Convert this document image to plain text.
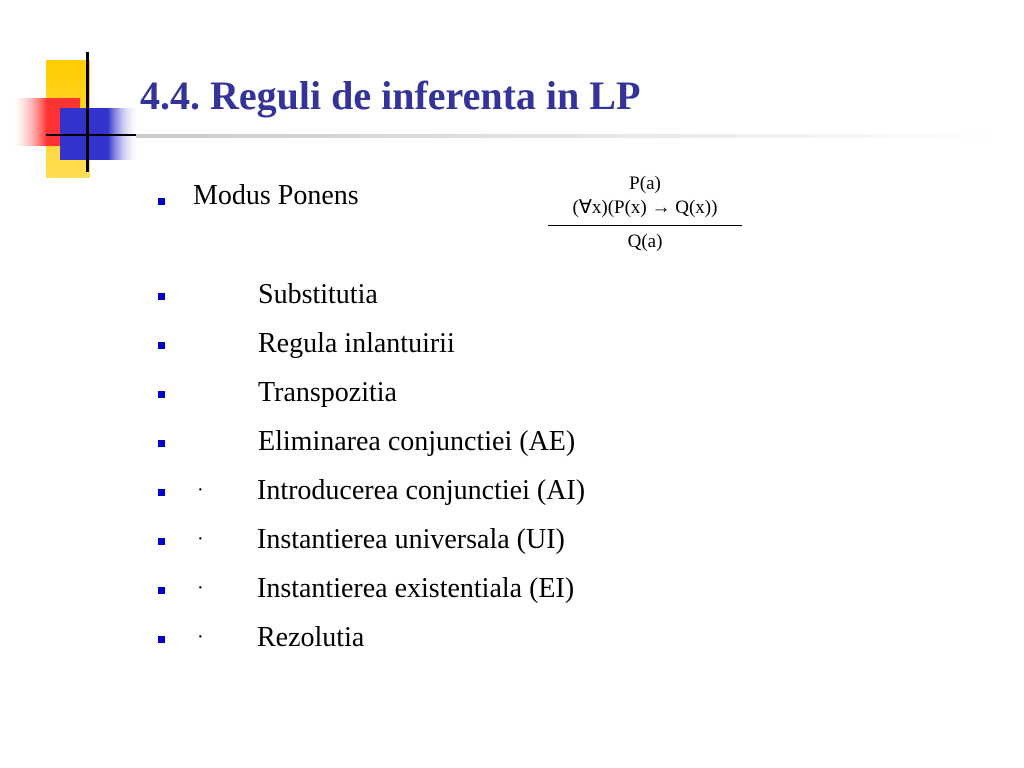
4.4. Reguli de inferenta in LP
P(a)
(∀x)(P(x) → Q(x))
Q(a)
Modus Ponens
Substitutia
Regula inlantuirii
Transpozitia
Eliminarea conjunctiei (AE)
· Introducerea conjunctiei (AI)
· Instantierea universala (UI)
· Instantierea existentiala (EI)
· Rezolutia
